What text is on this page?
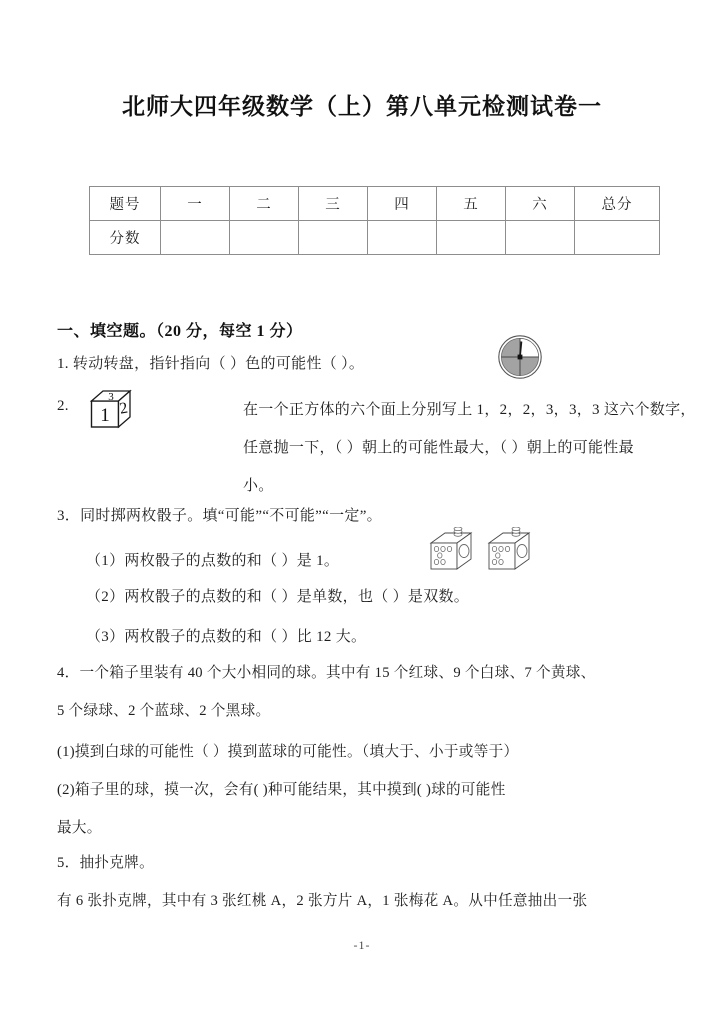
北师大四年级数学（上）第八单元检测试卷一
题号	一	二	三	四	五	六	总分
分数							
一、填空题。（20 分，每空 1 分）
1. 转动转盘，指针指向（ ）色的可能性（ ）。
2. 1 2
3
在一个正方体的六个面上分别写上 1，2，2，3，3，3 这六个数字，
任意抛一下，（ ）朝上的可能性最大，（ ）朝上的可能性最
小。
3．同时掷两枚骰子。填“可能”“不可能”“一定”。
（1）两枚骰子的点数的和（ ）是 1。
（2）两枚骰子的点数的和（ ）是单数，也（ ）是双数。
（3）两枚骰子的点数的和（ ）比 12 大。
4．一个箱子里装有 40 个大小相同的球。其中有 15 个红球、9 个白球、7 个黄球、
5 个绿球、2 个蓝球、2 个黑球。
(1)摸到白球的可能性（ ）摸到蓝球的可能性。（填大于、小于或等于）
(2)箱子里的球，摸一次，会有( )种可能结果，其中摸到( )球的可能性
最大。
5．抽扑克牌。
有 6 张扑克牌，其中有 3 张红桃 A，2 张方片 A，1 张梅花 A。从中任意抽出一张
-1-
